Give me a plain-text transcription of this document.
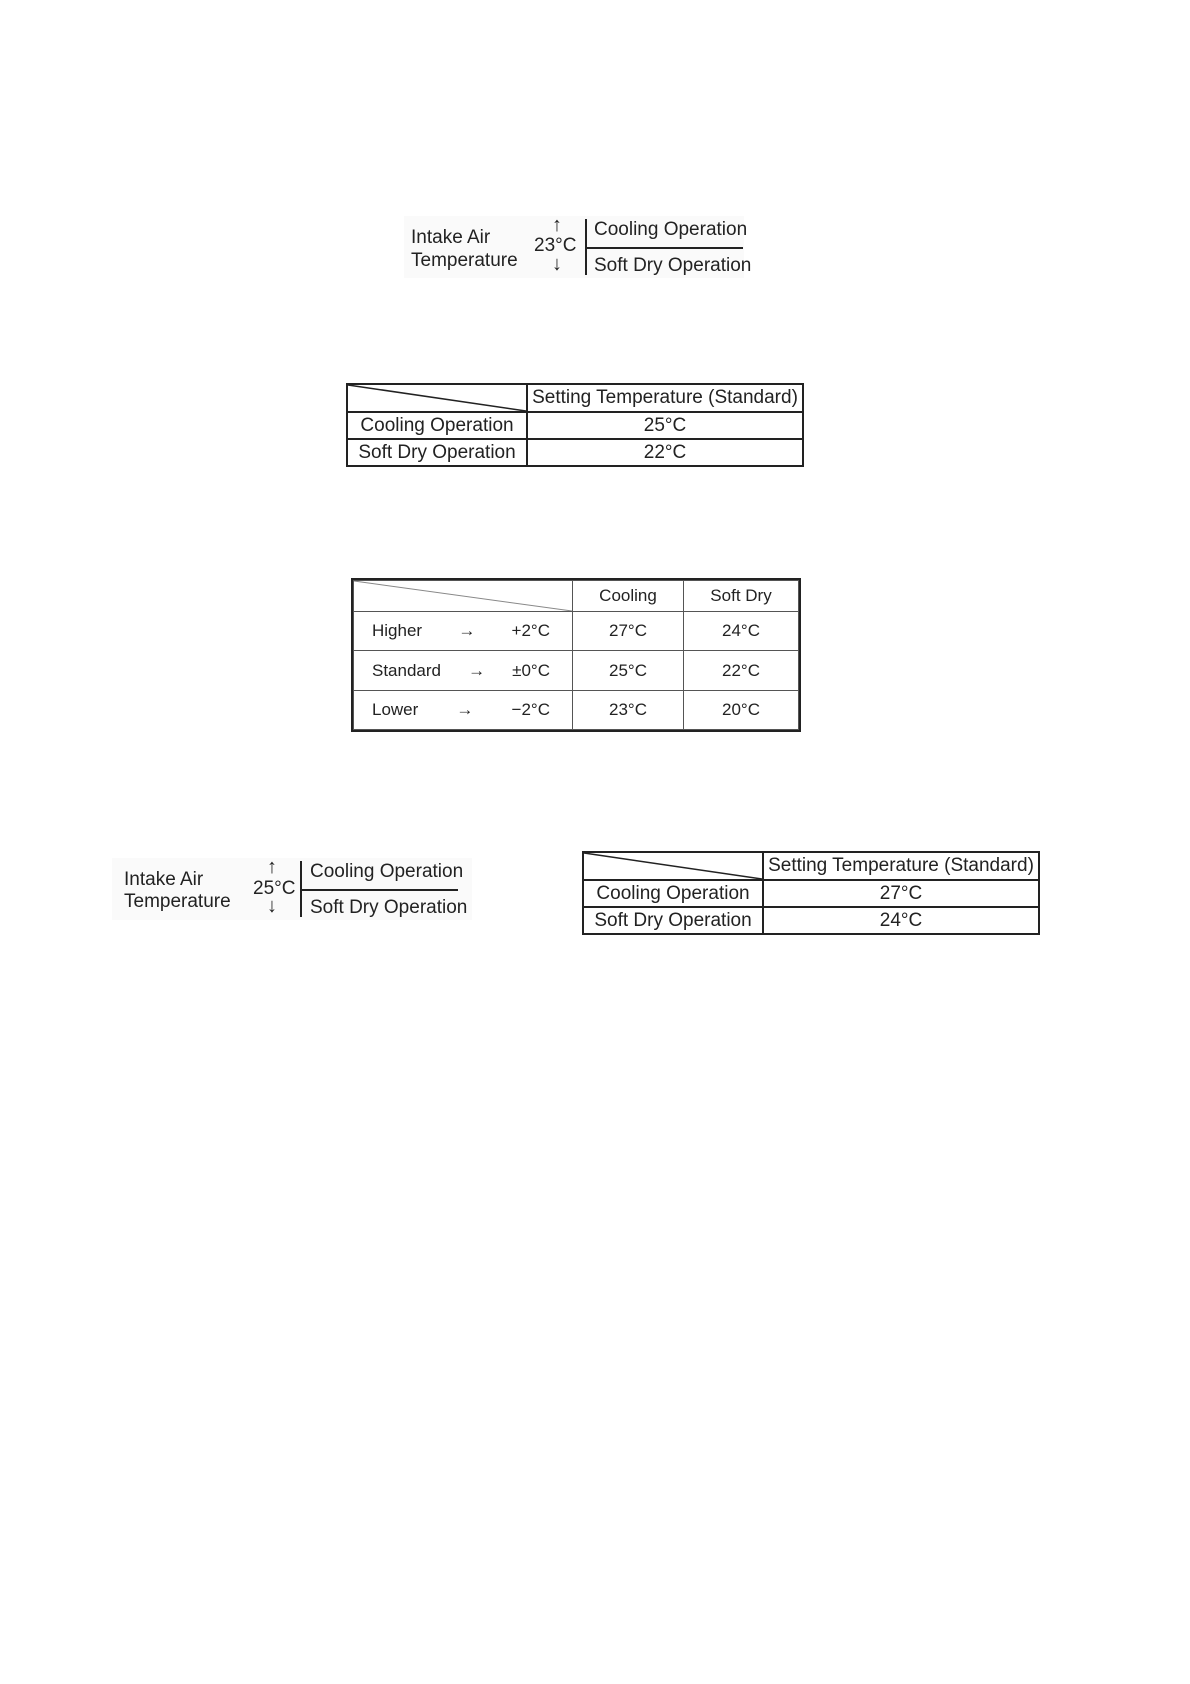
Intake Air
Temperature
↑
23°C
↓
Cooling Operation
Soft Dry Operation
	Setting Temperature (Standard)
Cooling Operation	25°C
Soft Dry Operation	22°C
	Cooling	Soft Dry

Higher → +2°C	27°C	24°C

Standard → ±0°C	25°C	22°C

Lower → −2°C	23°C	20°C
Intake Air
Temperature
↑
25°C
↓
Cooling Operation
Soft Dry Operation
	Setting Temperature (Standard)
Cooling Operation	27°C
Soft Dry Operation	24°C
